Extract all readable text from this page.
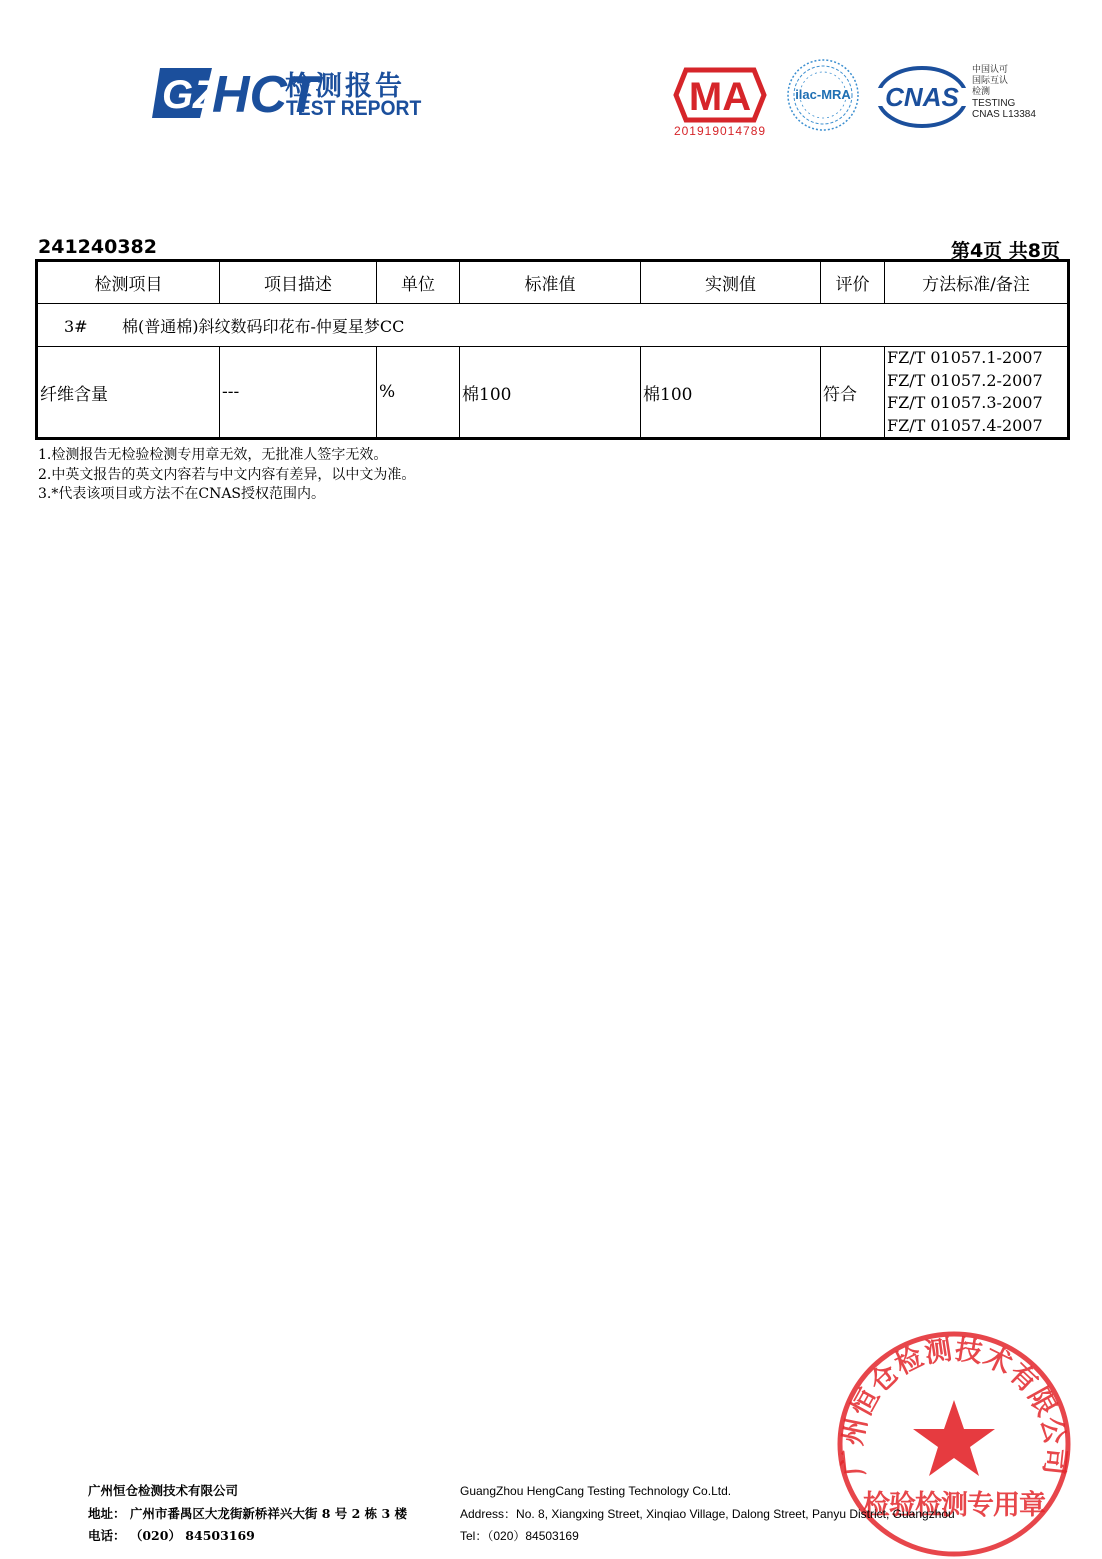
GZ
HCT
检测报告
TEST REPORT	MA
201919014789
ilac-MRA CNAS
中国认可
国际互认
检测
TESTING
CNAS L13384
241240382	第4页 共8页
检测项目	项目描述	单位	标准值	实测值	评价	方法标准/备注
3# 棉(普通棉)斜纹数码印花布-仲夏星梦CC						
纤维含量	---	%	棉100	棉100	符合	FZ/T 01057.1-2007
FZ/T 01057.2-2007
FZ/T 01057.3-2007
FZ/T 01057.4-2007
1.检测报告无检验检测专用章无效，无批准人签字无效。
2.中英文报告的英文内容若与中文内容有差异，以中文为准。
3.*代表该项目或方法不在CNAS授权范围内。
广州恒仓检测技术有限公司
检验检测专用章
广州恒仓检测技术有限公司
地址： 广州市番禺区大龙街新桥祥兴大街 8 号 2 栋 3 楼
电话： （020） 84503169
GuangZhou HengCang Testing Technology Co.Ltd.
Address：No. 8, Xiangxing Street, Xinqiao Village, Dalong Street, Panyu District, Guangzhou
Tel：（020）84503169
